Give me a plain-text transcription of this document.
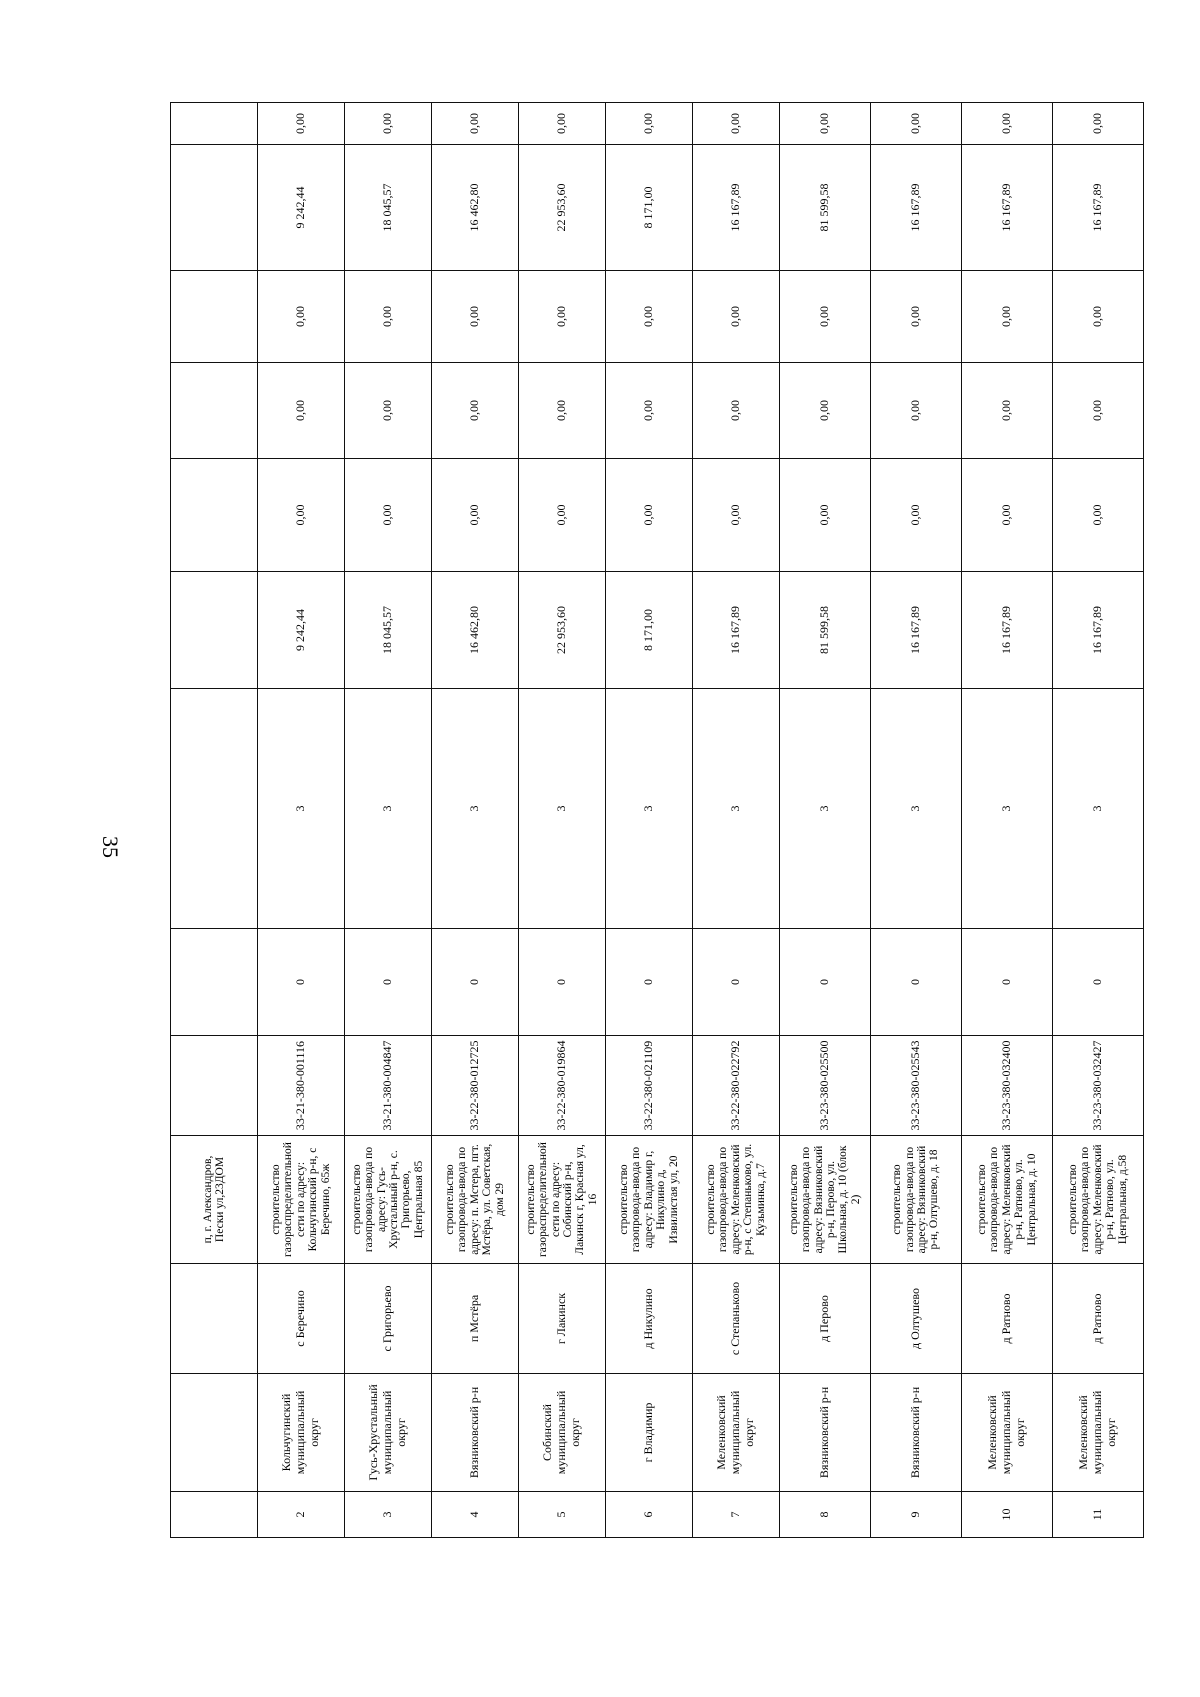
35
			п, г. Александров, Пески ул,23ДОМ									
2	Кольчугинский муниципальный округ	с Беречино	строительство газораспределительной сети по адресу: Кольчугинский р-н, с Беречино, 65ж	33-21-380-001116	0	3	9 242,44	0,00	0,00	0,00	9 242,44	0,00
3	Гусь-Хрустальный муниципальный округ	с Григорьево	строительство газопровода-ввода по адресу: Гусь-Хрустальный р-н, с. Григорьево, Центральная 85	33-21-380-004847	0	3	18 045,57	0,00	0,00	0,00	18 045,57	0,00
4	Вязниковский р-н	п Мстёра	строительство газопровода-ввода по адресу: п. Мстера, пгт. Мстёра, ул. Советская, дом 29	33-22-380-012725	0	3	16 462,80	0,00	0,00	0,00	16 462,80	0,00
5	Собинский муниципальный округ	г Лакинск	строительство газораспределительной сети по адресу: Собинский р-н, Лакинск г, Красная ул, 16	33-22-380-019864	0	3	22 953,60	0,00	0,00	0,00	22 953,60	0,00
6	г Владимир	д Никулино	строительство газопровода-ввода по адресу: Владимир г, Никулино д, Извилистая ул, 20	33-22-380-021109	0	3	8 171,00	0,00	0,00	0,00	8 171,00	0,00
7	Меленковский муниципальный округ	с Степаньково	строительство газопровода-ввода по адресу: Меленковский р-н, с Степаньково, ул. Кузьминка, д.7	33-22-380-022792	0	3	16 167,89	0,00	0,00	0,00	16 167,89	0,00
8	Вязниковский р-н	д Перово	строительство газопровода-ввода по адресу: Вязниковский р-н, Перово, ул. Школьная, д. 10 (блок 2)	33-23-380-025500	0	3	81 599,58	0,00	0,00	0,00	81 599,58	0,00
9	Вязниковский р-н	д Олтушево	строительство газопровода-ввода по адресу: Вязниковский р-н, Олтушево, д. 18	33-23-380-025543	0	3	16 167,89	0,00	0,00	0,00	16 167,89	0,00
10	Меленковский муниципальный округ	д Ратново	строительство газопровода-ввода по адресу: Меленковский р-н, Ратново, ул. Центральная, д. 10	33-23-380-032400	0	3	16 167,89	0,00	0,00	0,00	16 167,89	0,00
11	Меленковский муниципальный округ	д Ратново	строительство газопровода-ввода по адресу: Меленковский р-н, Ратново, ул. Центральная, д.58	33-23-380-032427	0	3	16 167,89	0,00	0,00	0,00	16 167,89	0,00
